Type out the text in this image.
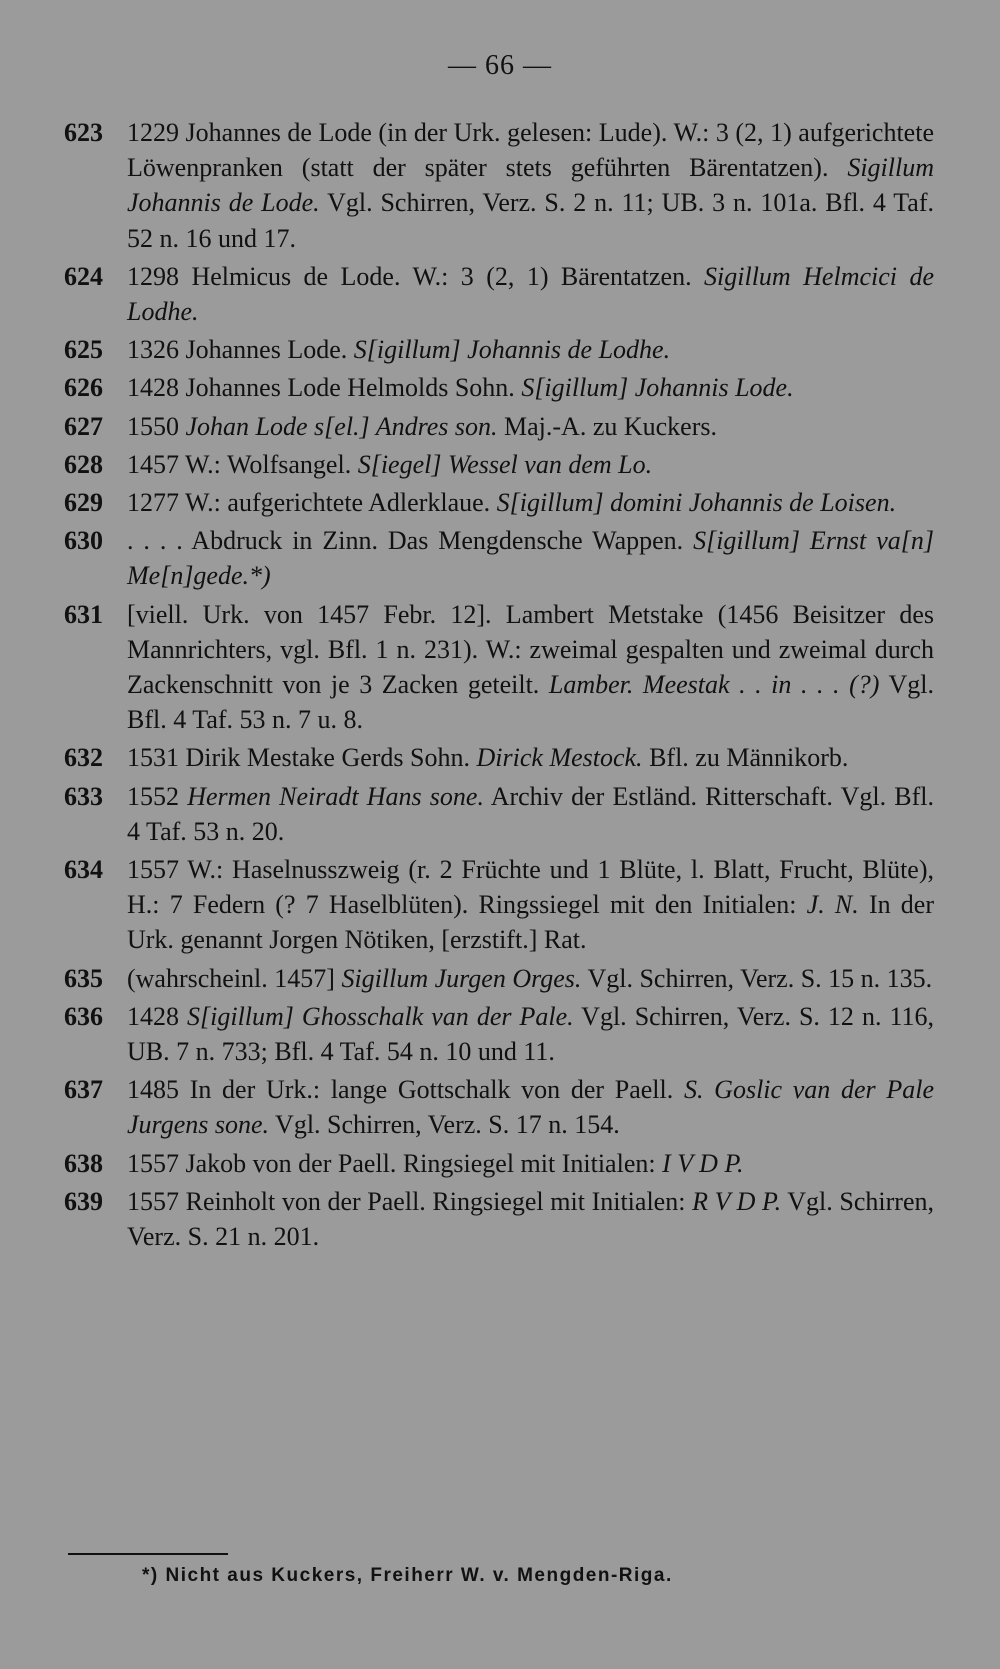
— 66 —
623 1229 Johannes de Lode (in der Urk. gelesen: Lude). W.: 3 (2, 1) aufgerichtete Löwenpranken (statt der später stets geführten Bärentatzen). Sigillum Johannis de Lode. Vgl. Schirren, Verz. S. 2 n. 11; UB. 3 n. 101a. Bfl. 4 Taf. 52 n. 16 und 17.
624 1298 Helmicus de Lode. W.: 3 (2, 1) Bärentatzen. Sigillum Helmcici de Lodhe.
625 1326 Johannes Lode. S[igillum] Johannis de Lodhe.
626 1428 Johannes Lode Helmolds Sohn. S[igillum] Johannis Lode.
627 1550 Johan Lode s[el.] Andres son. Maj.-A. zu Kuckers.
628 1457 W.: Wolfsangel. S[iegel] Wessel van dem Lo.
629 1277 W.: aufgerichtete Adlerklaue. S[igillum] domini Johannis de Loisen.
630 . . . . Abdruck in Zinn. Das Mengdensche Wappen. S[igillum] Ernst va[n] Me[n]gede.*)
631 [viell. Urk. von 1457 Febr. 12]. Lambert Metstake (1456 Beisitzer des Mannrichters, vgl. Bfl. 1 n. 231). W.: zweimal gespalten und zweimal durch Zackenschnitt von je 3 Zacken geteilt. Lamber. Meestak . . in . . . (?) Vgl. Bfl. 4 Taf. 53 n. 7 u. 8.
632 1531 Dirik Mestake Gerds Sohn. Dirick Mestock. Bfl. zu Männikorb.
633 1552 Hermen Neiradt Hans sone. Archiv der Estländ. Ritterschaft. Vgl. Bfl. 4 Taf. 53 n. 20.
634 1557 W.: Haselnusszweig (r. 2 Früchte und 1 Blüte, l. Blatt, Frucht, Blüte), H.: 7 Federn (? 7 Haselblüten). Ringssiegel mit den Initialen: J. N. In der Urk. genannt Jorgen Nötiken, [erzstift.] Rat.
635 (wahrscheinl. 1457] Sigillum Jurgen Orges. Vgl. Schirren, Verz. S. 15 n. 135.
636 1428 S[igillum] Ghosschalk van der Pale. Vgl. Schirren, Verz. S. 12 n. 116, UB. 7 n. 733; Bfl. 4 Taf. 54 n. 10 und 11.
637 1485 In der Urk.: lange Gottschalk von der Paell. S. Goslic van der Pale Jurgens sone. Vgl. Schirren, Verz. S. 17 n. 154.
638 1557 Jakob von der Paell. Ringsiegel mit Initialen: I V D P.
639 1557 Reinholt von der Paell. Ringsiegel mit Initialen: R V D P. Vgl. Schirren, Verz. S. 21 n. 201.
*) Nicht aus Kuckers, Freiherr W. v. Mengden-Riga.
